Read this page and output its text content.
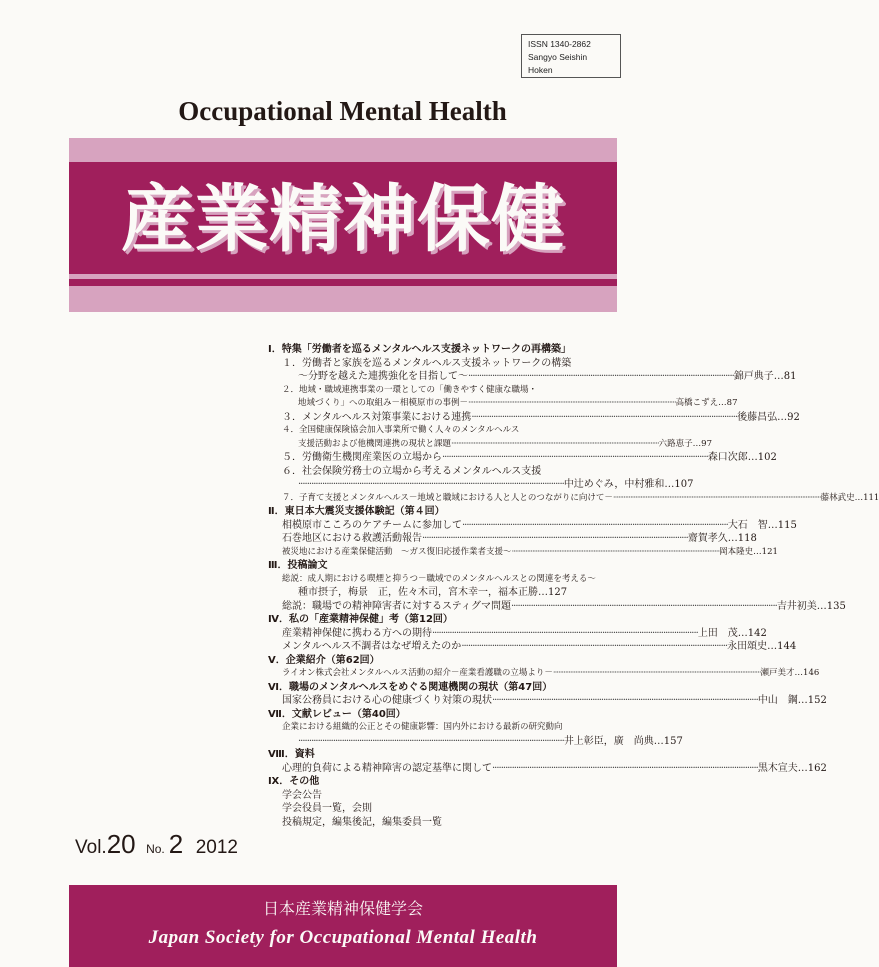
ISSN 1340-2862
Sangyo Seishin
Hoken
Occupational Mental Health
産業精神保健
Ⅰ．特集「労働者を巡るメンタルヘルス支援ネットワークの再構築」
１．労働者と家族を巡るメンタルヘルス支援ネットワークの構築
～分野を越えた連携強化を目指して～ ·····	錦戸典子…81
２．地域・職域連携事業の一環としての「働きやすく健康な職場・
地域づくり」への取組み－相模原市の事例－ ·····	高橋こずえ…87
３．メンタルヘルス対策事業における連携 ·····	後藤昌弘…92
４．全国健康保険協会加入事業所で働く人々のメンタルヘルス
支援活動および他機関連携の現状と課題 ·····	六路恵子…97
５．労働衛生機関産業医の立場から ·····	森口次郎…102
６．社会保険労務士の立場から考えるメンタルヘルス支援
·····
中辻めぐみ，中村雅和…107
７．子育て支援とメンタルヘルス－地域と職域における人と人とのつながりに向けて－ ·····	藤林武史…111
Ⅱ．東日本大震災支援体験記（第４回）
相模原市こころのケアチームに参加して ·····	大石　智…115
石巻地区における救護活動報告 ·····	齋賀孝久…118
被災地における産業保健活動　～ガス復旧応援作業者支援～ ·····	岡本隆史…121
Ⅲ．投稿論文
総説：成人期における喫煙と抑うつ－職域でのメンタルヘルスとの関連を考える～
種市摂子，梅景　正，佐々木司，宮木幸一，福本正勝…127
総説：職場での精神障害者に対するスティグマ問題 ·····	吉井初美…135
Ⅳ．私の「産業精神保健」考（第12回）
産業精神保健に携わる方への期待 ·····	上田　茂…142
メンタルヘルス不調者はなぜ増えたのか ·····	永田頌史…144
Ⅴ．企業紹介（第62回）
ライオン株式会社メンタルヘルス活動の紹介－産業看護職の立場より－ ·····	瀬戸美才…146
Ⅵ．職場のメンタルヘルスをめぐる関連機関の現状（第47回）
国家公務員における心の健康づくり対策の現状 ·····	中山　鋼…152
Ⅶ．文献レビュー（第40回）
企業における組織的公正とその健康影響：国内外における最新の研究動向
·····
井上彰臣，廣　尚典…157
Ⅷ．資料
心理的負荷による精神障害の認定基準に関して ·····	黒木宣夫…162
Ⅸ．その他
学会公告
学会役員一覧，会則
投稿規定，編集後記，編集委員一覧
Vol.20 No. 2 2012
日本産業精神保健学会
Japan Society for Occupational Mental Health
